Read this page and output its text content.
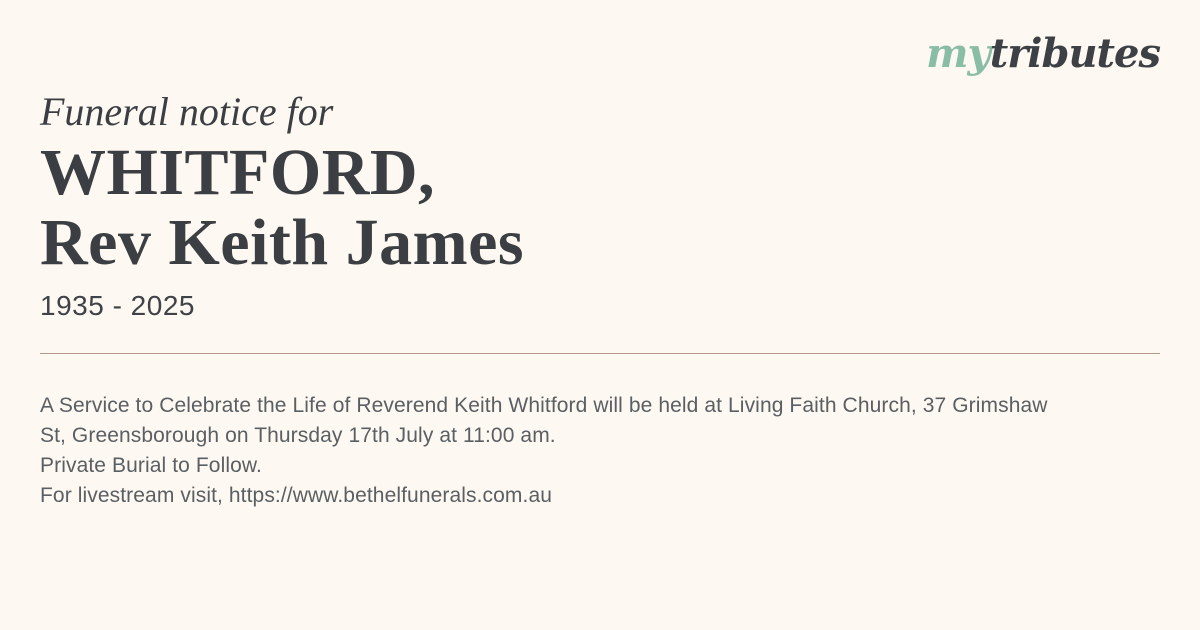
mytributes
Funeral notice for
WHITFORD,
Rev Keith James
1935 - 2025
A Service to Celebrate the Life of Reverend Keith Whitford will be held at Living Faith Church, 37 Grimshaw
St, Greensborough on Thursday 17th July at 11:00 am.
Private Burial to Follow.
For livestream visit, https://www.bethelfunerals.com.au
